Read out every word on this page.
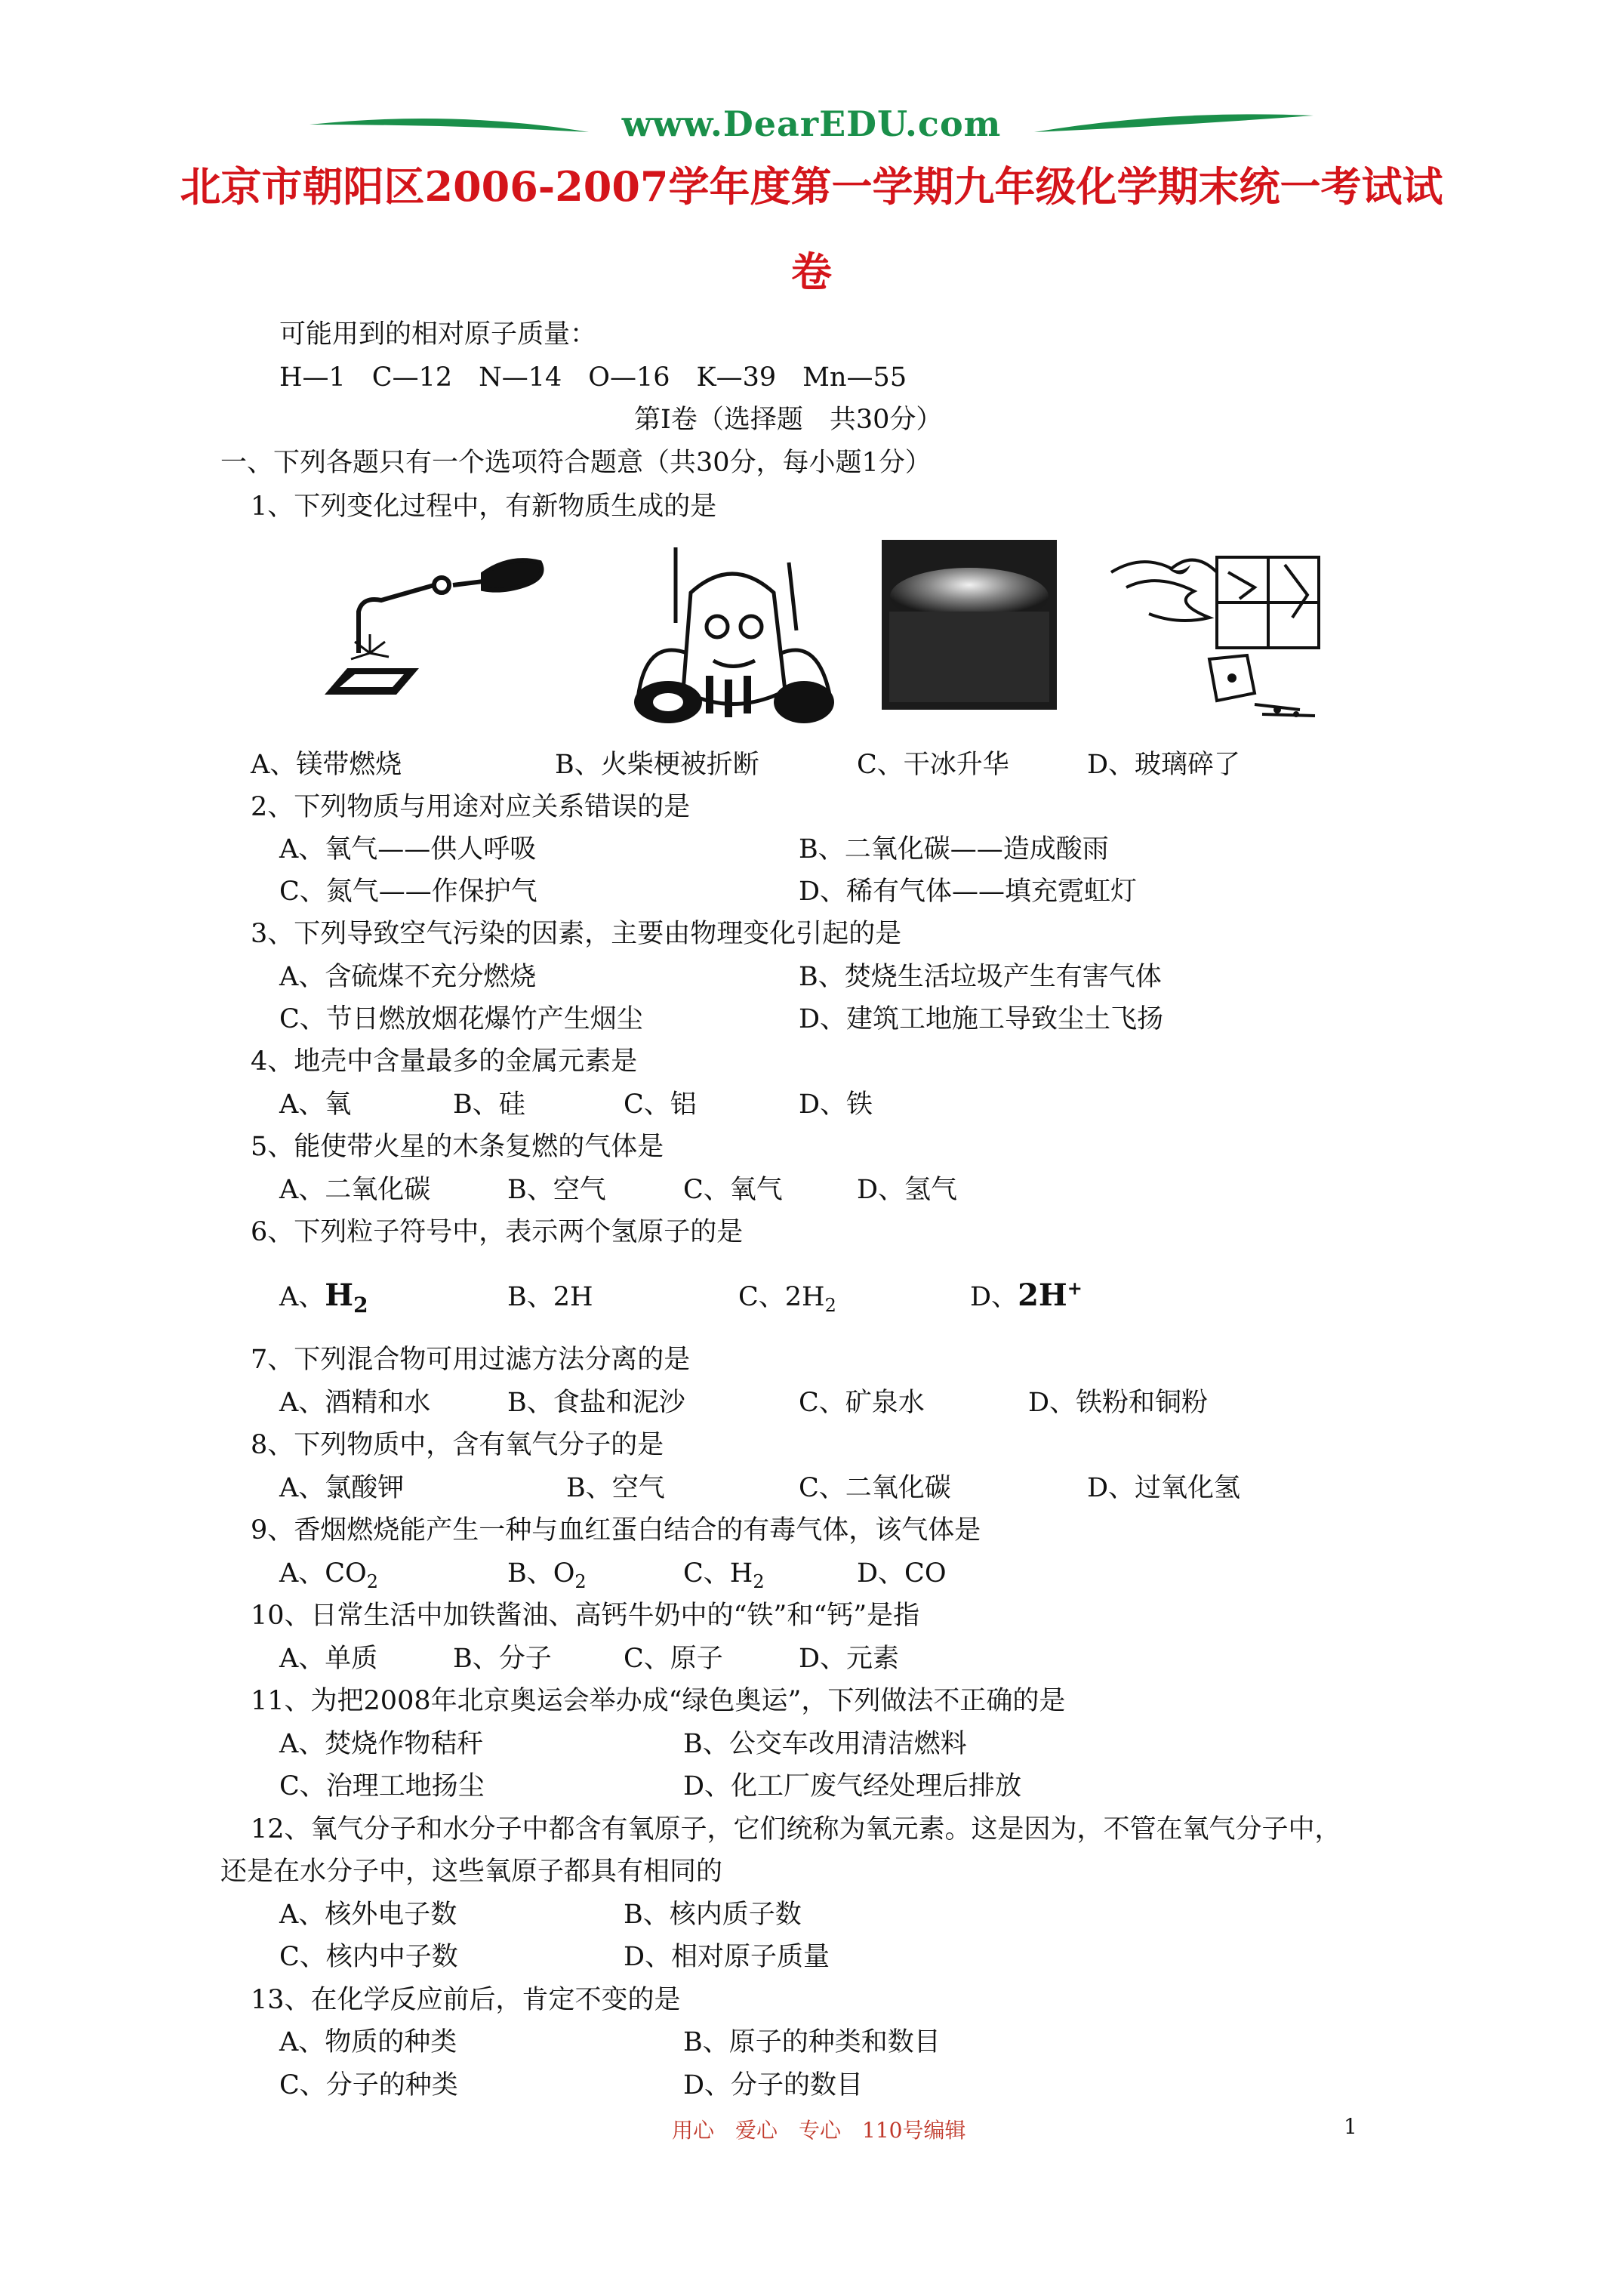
www.DearEDU.com
北京市朝阳区2006-2007学年度第一学期九年级化学期末统一考试试
卷
可能用到的相对原子质量：
H—1　C—12　N—14　O—16　K—39　Mn—55
第Ⅰ卷（选择题　共30分）
一、下列各题只有一个选项符合题意（共30分，每小题1分）
1、下列变化过程中，有新物质生成的是
A、镁带燃烧	B、火柴梗被折断	C、干冰升华	D、玻璃碎了
2、下列物质与用途对应关系错误的是
A、氧气——供人呼吸	B、二氧化碳——造成酸雨
C、氮气——作保护气	D、稀有气体——填充霓虹灯
3、下列导致空气污染的因素，主要由物理变化引起的是
A、含硫煤不充分燃烧	B、焚烧生活垃圾产生有害气体
C、节日燃放烟花爆竹产生烟尘	D、建筑工地施工导致尘土飞扬
4、地壳中含量最多的金属元素是
A、氧	B、硅	C、铝	D、铁
5、能使带火星的木条复燃的气体是
A、二氧化碳	B、空气	C、氧气	D、氢气
6、下列粒子符号中，表示两个氢原子的是
A、$H_2$	B、2H	C、$2H_2$	D、2H+
7、下列混合物可用过滤方法分离的是
A、酒精和水	B、食盐和泥沙	C、矿泉水	D、铁粉和铜粉
8、下列物质中，含有氧气分子的是
A、氯酸钾	B、空气	C、二氧化碳	D、过氧化氢
9、香烟燃烧能产生一种与血红蛋白结合的有毒气体，该气体是
A、$CO_2$	B、$O_2$	C、$H_2$	D、CO
10、日常生活中加铁酱油、高钙牛奶中的“铁”和“钙”是指
A、单质	B、分子	C、原子	D、元素
11、为把2008年北京奥运会举办成“绿色奥运”，下列做法不正确的是
A、焚烧作物秸秆	B、公交车改用清洁燃料
C、治理工地扬尘	D、化工厂废气经处理后排放
12、氧气分子和水分子中都含有氧原子，它们统称为氧元素。这是因为，不管在氧气分子中，
还是在水分子中，这些氧原子都具有相同的
A、核外电子数	B、核内质子数
C、核内中子数	D、相对原子质量
13、在化学反应前后，肯定不变的是
A、物质的种类	B、原子的种类和数目
C、分子的种类	D、分子的数目
用心　爱心　专心　110号编辑	1
